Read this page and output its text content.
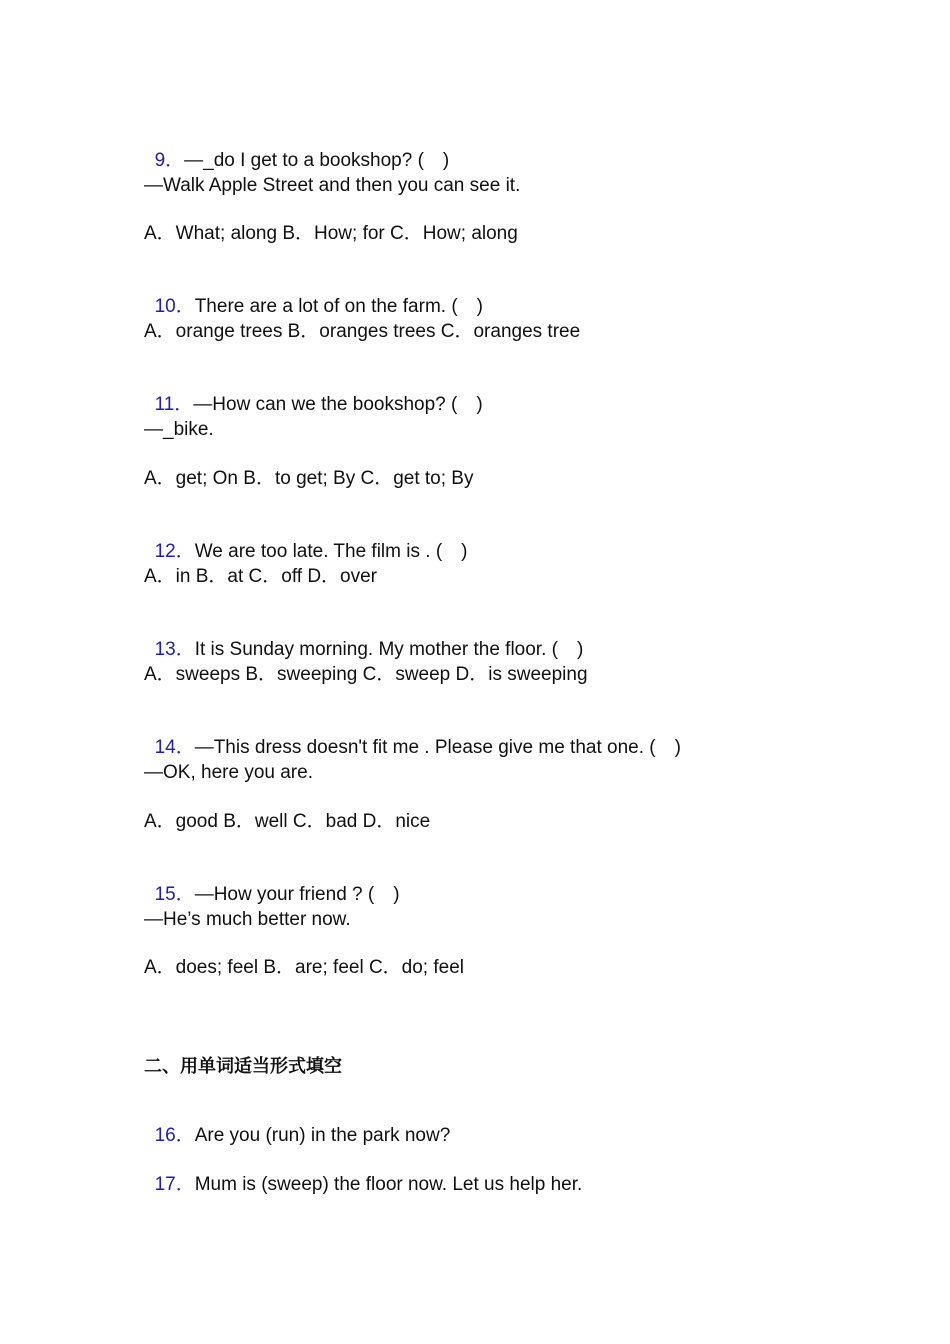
9．—_do I get to a bookshop? (　)

—Walk Apple Street and then you can see it.
A．What; along B．How; for C．How; along

10．There are a lot of on the farm. (　)

A．orange trees B．oranges trees C．oranges tree

11．—How can we the bookshop? (　)

—_bike.
A．get; On B．to get; By C．get to; By

12．We are too late. The film is . (　)

A．in B．at C．off D．over

13．It is Sunday morning. My mother the floor. (　)

A．sweeps B．sweeping C．sweep D．is sweeping

14．—This dress doesn't fit me . Please give me that one. (　)

—OK, here you are.
A．good B．well C．bad D．nice

15．—How your friend ? (　)

—He’s much better now.
A．does; feel B．are; feel C．do; feel
二、用单词适当形式填空

16．Are you (run) in the park now?

17．Mum is (sweep) the floor now. Let us help her.
